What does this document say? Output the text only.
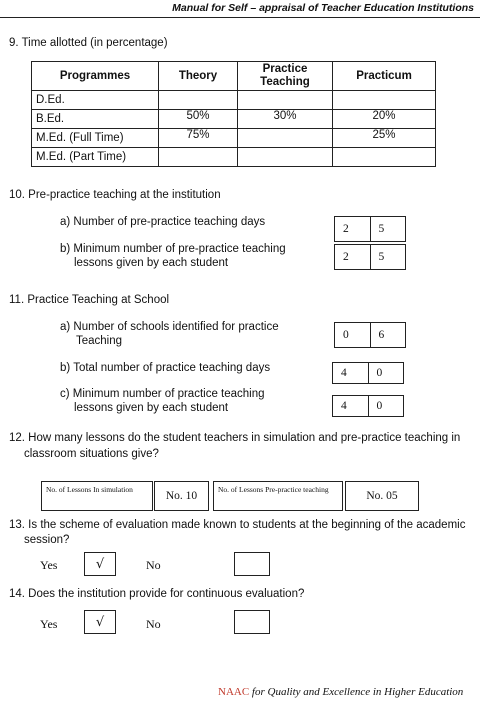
Manual for Self – appraisal of Teacher Education Institutions
9. Time allotted (in percentage)
Programmes	Theory	Practice Teaching	Practicum
D.Ed.			
B.Ed.	50%	30%	20%
M.Ed. (Full Time)	75%		25%
M.Ed. (Part Time)			
10. Pre-practice teaching at the institution
a) Number of pre-practice teaching days
2	5
b) Minimum number of pre-practice teaching
lessons given by each student	2	5
11. Practice Teaching at School
a) Number of schools identified for practice
Teaching	0	6
b) Total number of practice teaching days	4	0
c) Minimum number of practice teaching
lessons given by each student	4	0
12. How many lessons do the student teachers in simulation and pre-practice teaching in
classroom situations give?
No. of Lessons In simulation
No. 10
No. of Lessons Pre-practice teaching
No. 05
13. Is the scheme of evaluation made known to students at the beginning of the academic
session?
Yes	√	No
14. Does the institution provide for continuous evaluation?
Yes	√	No
NAAC for Quality and Excellence in Higher Education
